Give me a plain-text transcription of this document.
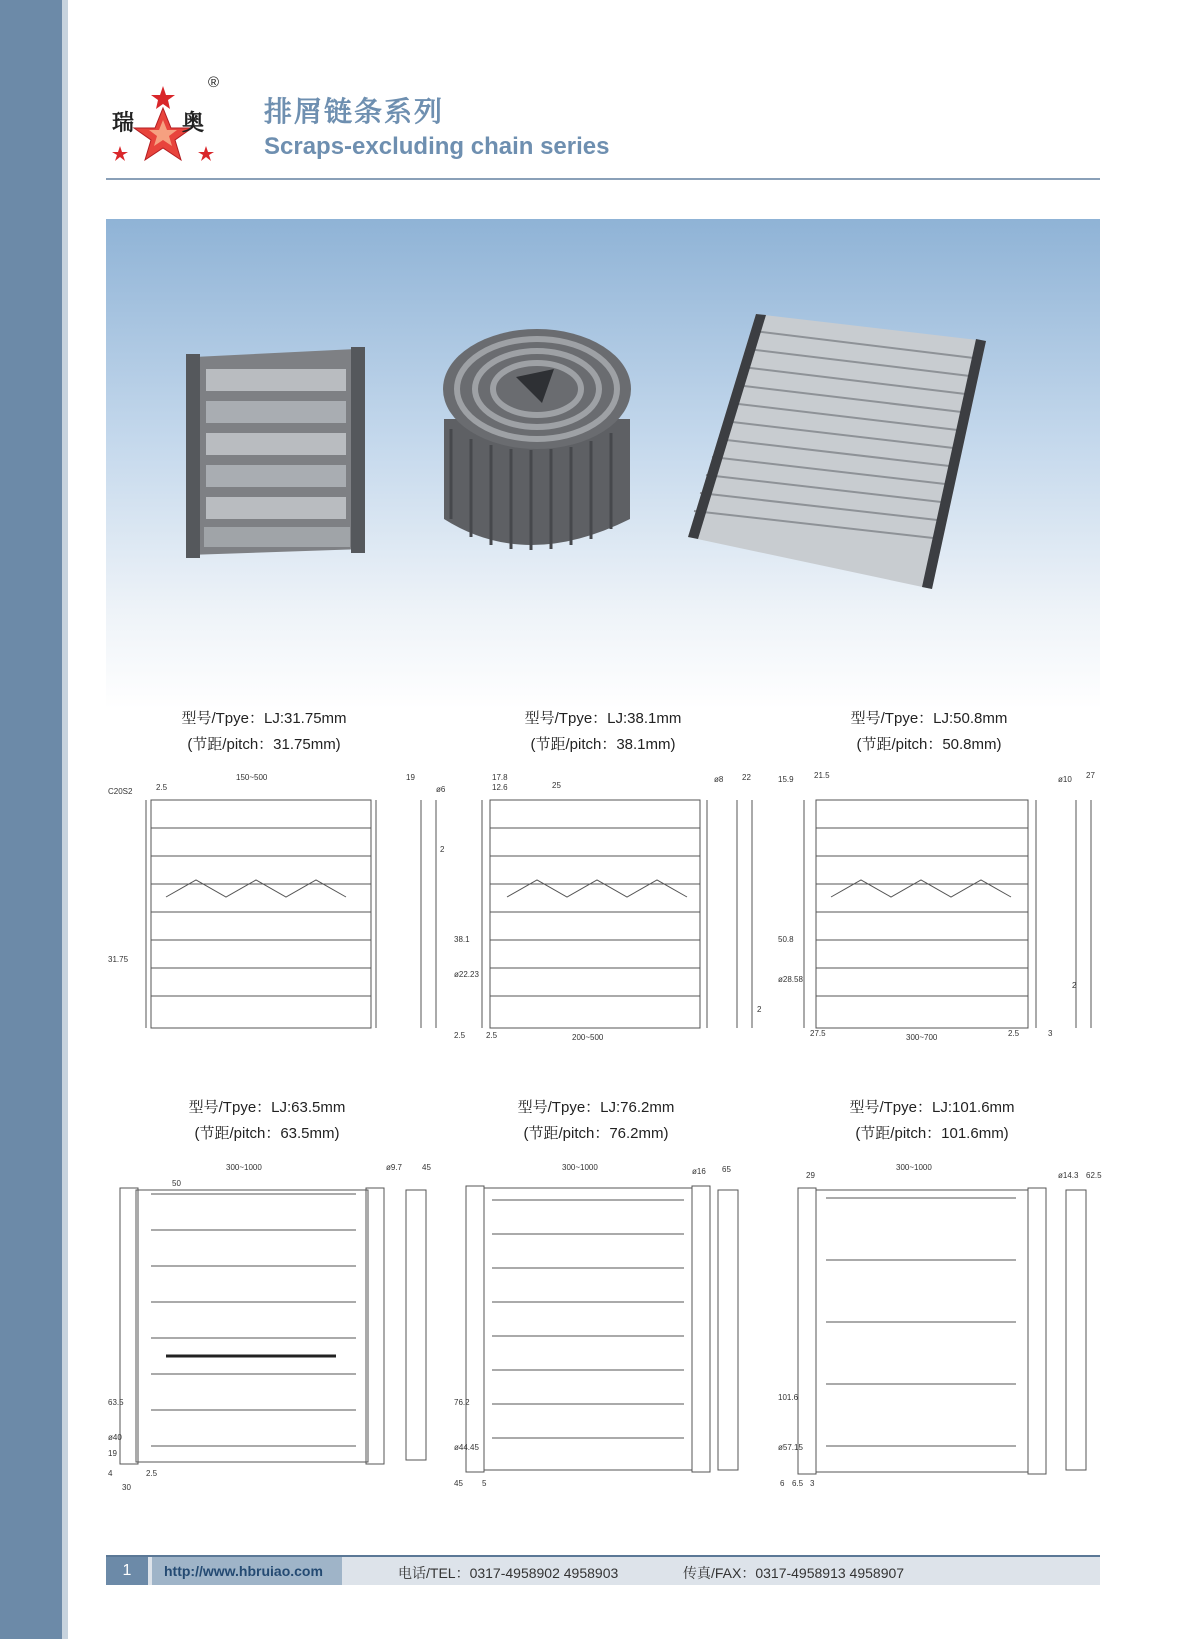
®
瑞 奥 排屑链条系列
Scraps-excluding chain series
型号/Tpye：LJ:31.75mm
(节距/pitch：31.75mm)
型号/Tpye：LJ:38.1mm
(节距/pitch：38.1mm)
型号/Tpye：LJ:50.8mm
(节距/pitch：50.8mm)
150~500
2.5
C20S2
19
ø6
2
31.75
17.8
12.6	25
ø8 22
38.1
ø22.23
2.5	2.5	200~500
2
15.9	21.5	ø10 27
50.8
ø28.58
27.5	300~700	2.5	3
2
型号/Tpye：LJ:63.5mm
(节距/pitch：63.5mm)
型号/Tpye：LJ:76.2mm
(节距/pitch：76.2mm)
型号/Tpye：LJ:101.6mm
(节距/pitch：101.6mm)
300~1000
50
ø9.7 45
63.5
ø40
19
4	2.5
30
300~1000	ø16 65
76.2
ø44.45
45 5
300~1000
29	ø14.3 62.5
101.6
ø57.15
6 6.5 3
1	http://www.hbruiao.com	电话/TEL：0317-4958902 4958903	传真/FAX：0317-4958913 4958907
